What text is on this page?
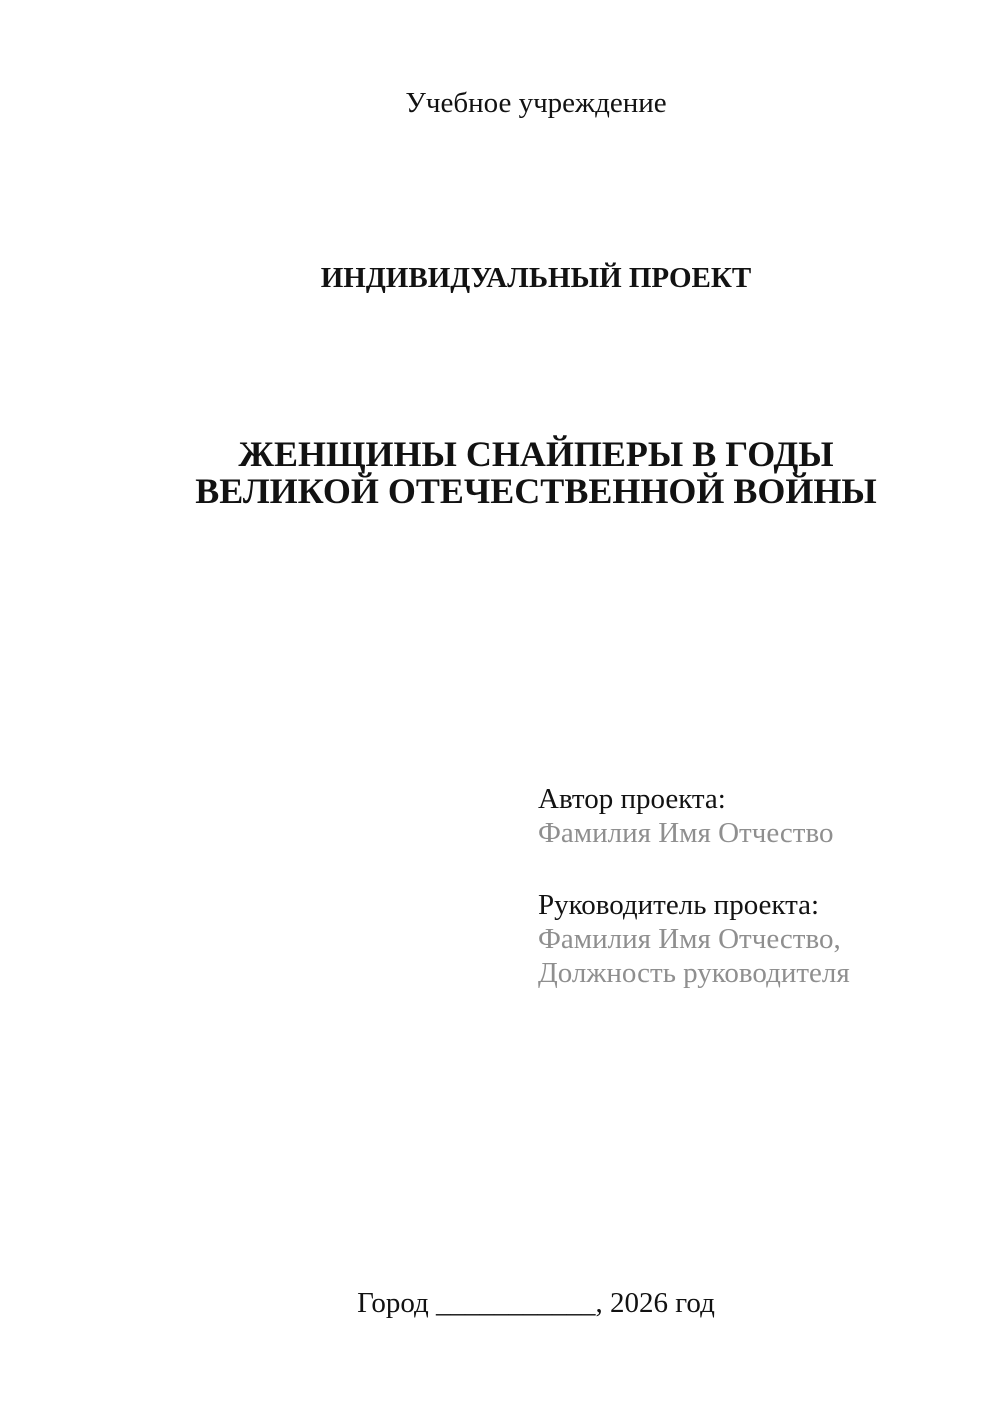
Учебное учреждение
ИНДИВИДУАЛЬНЫЙ ПРОЕКТ
ЖЕНЩИНЫ СНАЙПЕРЫ В ГОДЫ ВЕЛИКОЙ ОТЕЧЕСТВЕННОЙ ВОЙНЫ

Автор проекта:

Фамилия Имя Отчество

Руководитель проекта:

Фамилия Имя Отчество,

Должность руководителя

Город ___________, 2026 год
